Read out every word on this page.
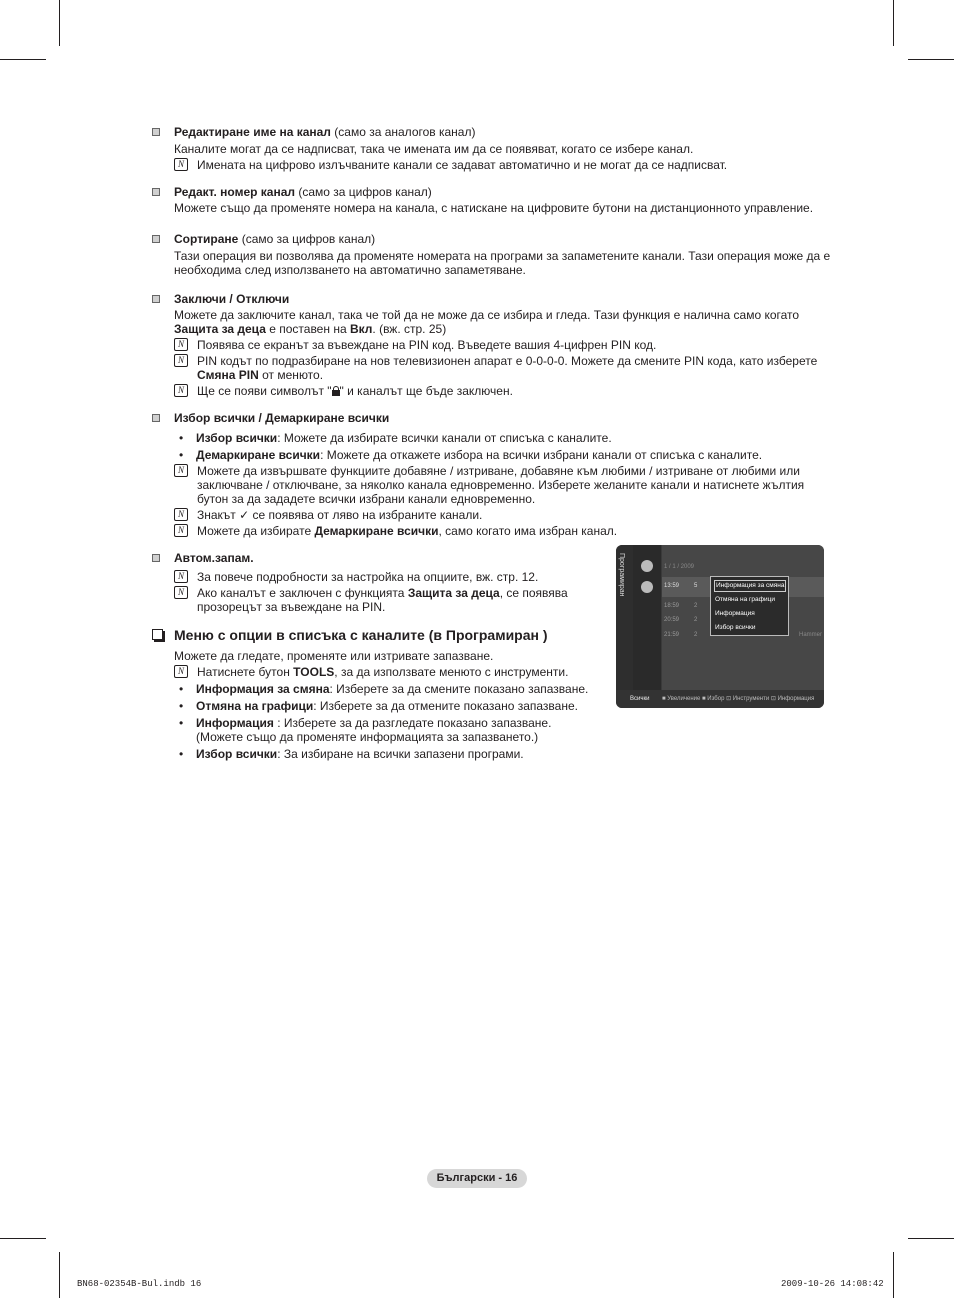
Редактиране име на канал (само за аналогов канал)
Каналите могат да се надписват, така че имената им да се появяват, когато се избере канал.
N	Имената на цифрово излъчваните канали се задават автоматично и не могат да се надписват.
Редакт. номер канал (само за цифров канал)
Можете също да променяте номера на канала, с натискане на цифровите бутони на дистанционното управление.
Сортиране (само за цифров канал)
Тази операция ви позволява да променяте номерата на програми за запаметените канали. Тази операция може да е необходима след използването на автоматично запаметяване.
Заключи / Отключи
Можете да заключите канал, така че той да не може да се избира и гледа. Тази функция е налична само когато
Защита за деца е поставен на Вкл. (вж. стр. 25)
N	Появява се екранът за въвеждане на PIN код. Въведете вашия 4-цифрен PIN код.
N	PIN кодът по подразбиране на нов телевизионен апарат е 0-0-0-0. Можете да смените PIN кода, като изберете
Смяна PIN от менюто.
N	Ще се появи символът " " и каналът ще бъде заключен.
Избор всички / Демаркиране всички
• Избор всички: Можете да избирате всички канали от списъка с каналите.
• Демаркиране всички: Можете да откажете избора на всички избрани канали от списъка с каналите.
N	Можете да извършвате функциите добавяне / изтриване, добавяне към любими / изтриване от любими или заключване / отключване, за няколко канала едновременно. Изберете желаните канали и натиснете жълтия бутон за да зададете всички избрани канали едновременно.
N	Знакът ✓ се появява от ляво на избраните канали.
N	Можете да избирате Демаркиране всички, само когато има избран канал.
Автом.запам.
N	За повече подробности за настройка на опциите, вж. стр. 12.
N	Ако каналът е заключен с функцията Защита за деца, се появява
прозорецът за въвеждане на PIN.
Меню с опции в списъка с каналите (в Програмиран )
Можете да гледате, променяте или изтривате запазване.
N	Натиснете бутон TOOLS, за да използвате менюто с инструменти.
• Информация за смяна: Изберете за да смените показано запазване.
• Отмяна на графици: Изберете за да отмените показано запазване.
• Информация : Изберете за да разгледате показано запазване.
(Можете също да променяте информацията за запазването.)
• Избор всички: За избиране на всички запазени програми.
Програмиран	1 / 1 / 2009
13:59 5
18:59 2
20:59 2
21:59 2	Hammer
Информация за смяна
Отмяна на графици
Информация
Избор всички
Всички ■ Увеличение ■ Избор ⊡ Инструменти ⊡ Информация
Български - 16
BN68-02354B-Bul.indb 16	2009-10-26 14:08:42
